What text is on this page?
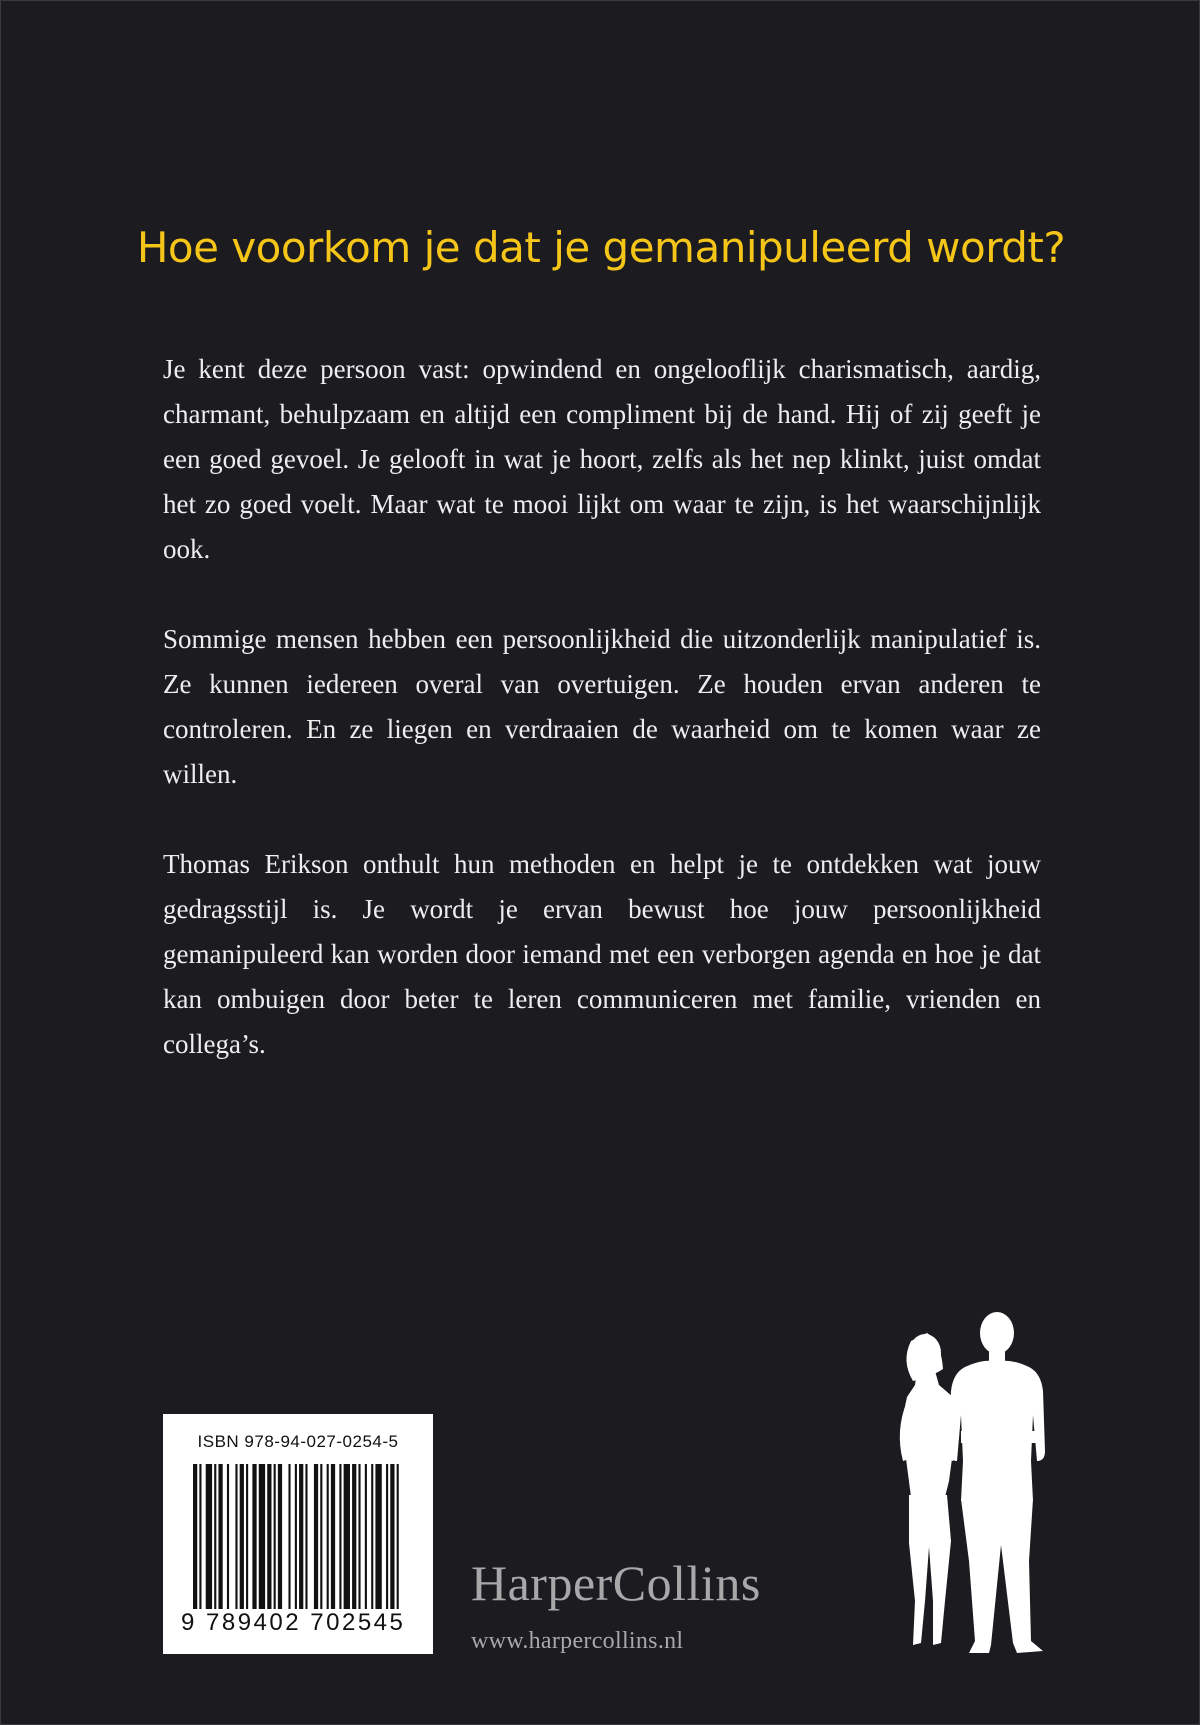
Hoe voorkom je dat je gemanipuleerd wordt?

Je kent deze persoon vast: opwindend en ongelooflijk charismatisch, aardig, charmant, behulpzaam en altijd een compliment bij de hand. Hij of zij geeft je een goed gevoel. Je gelooft in wat je hoort, zelfs als het nep klinkt, juist omdat het zo goed voelt. Maar wat te mooi lijkt om waar te zijn, is het waarschijnlijk ook.

Sommige mensen hebben een persoonlijkheid die uitzonderlijk manipulatief is. Ze kunnen iedereen overal van overtuigen. Ze houden ervan anderen te controleren. En ze liegen en verdraaien de waarheid om te komen waar ze willen.

Thomas Erikson onthult hun methoden en helpt je te ontdekken wat jouw gedragsstijl is. Je wordt je ervan bewust hoe jouw persoonlijkheid gemanipuleerd kan worden door iemand met een verborgen agenda en hoe je dat kan ombuigen door beter te leren communiceren met familie, vrienden en collega’s.

ISBN 978-94-027-0254-5
9 789402 702545
HarperCollins
www.harpercollins.nl
